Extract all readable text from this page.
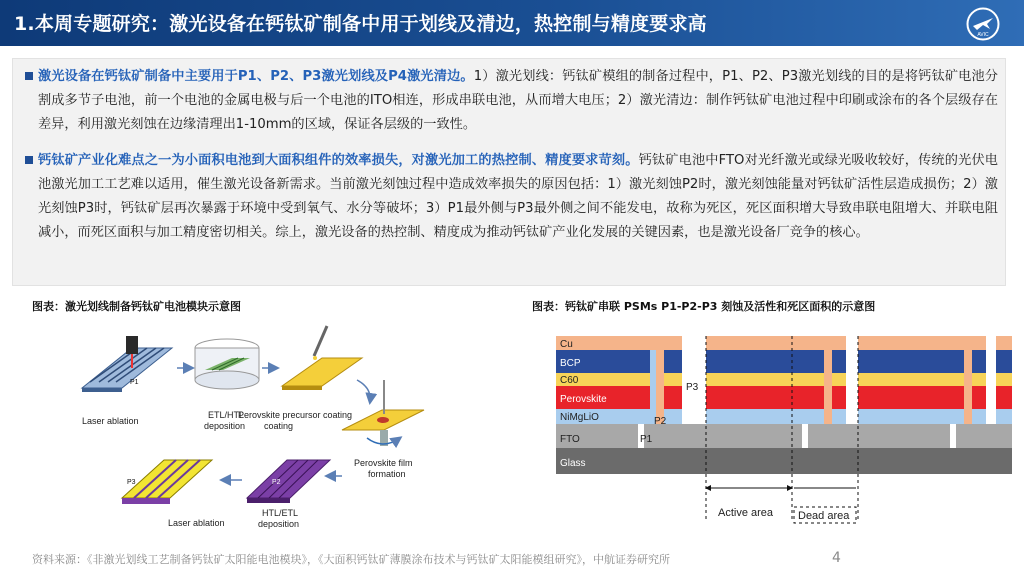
1.本周专题研究：激光设备在钙钛矿制备中用于划线及清边，热控制与精度要求高	AVIC
激光设备在钙钛矿制备中主要用于P1、P2、P3激光划线及P4激光清边。1）激光划线：钙钛矿模组的制备过程中，P1、P2、P3激光划线的目的是将钙钛矿电池分割成多节子电池，前一个电池的金属电极与后一个电池的ITO相连，形成串联电池，从而增大电压；2）激光清边：制作钙钛矿电池过程中印刷或涂布的各个层级存在差异，利用激光刻蚀在边缘清理出1-10mm的区域，保证各层级的一致性。
钙钛矿产业化难点之一为小面积电池到大面积组件的效率损失，对激光加工的热控制、精度要求苛刻。钙钛矿电池中FTO对光纤激光或绿光吸收较好，传统的光伏电池激光加工工艺难以适用，催生激光设备新需求。当前激光刻蚀过程中造成效率损失的原因包括：1）激光刻蚀P2时，激光刻蚀能量对钙钛矿活性层造成损伤；2）激光刻蚀P3时，钙钛矿层再次暴露于环境中受到氧气、水分等破坏；3）P1最外侧与P3最外侧之间不能发电，故称为死区，死区面积增大导致串联电阻增大、并联电阻减小，而死区面积与加工精度密切相关。综上，激光设备的热控制、精度成为推动钙钛矿产业化发展的关键因素，也是激光设备厂竞争的核心。
图表：激光划线制备钙钛矿电池模块示意图	图表：钙钛矿串联 PSMs P1-P2-P3 刻蚀及活性和死区面积的示意图
P1
Laser ablation
ETL/HTL deposition
Perovskite precursor coating
coating
Perovskite film formation
P2
HTL/ETL deposition
P3
Laser ablation
Cu
BCP
C60
Perovskite
NiMgLiO
FTO
Glass
P3
P2
P1
Active area Dead area
资料来源：《非激光划线工艺制备钙钛矿太阳能电池模块》，《大面积钙钛矿薄膜涂布技术与钙钛矿太阳能模组研究》，中航证券研究所	4
